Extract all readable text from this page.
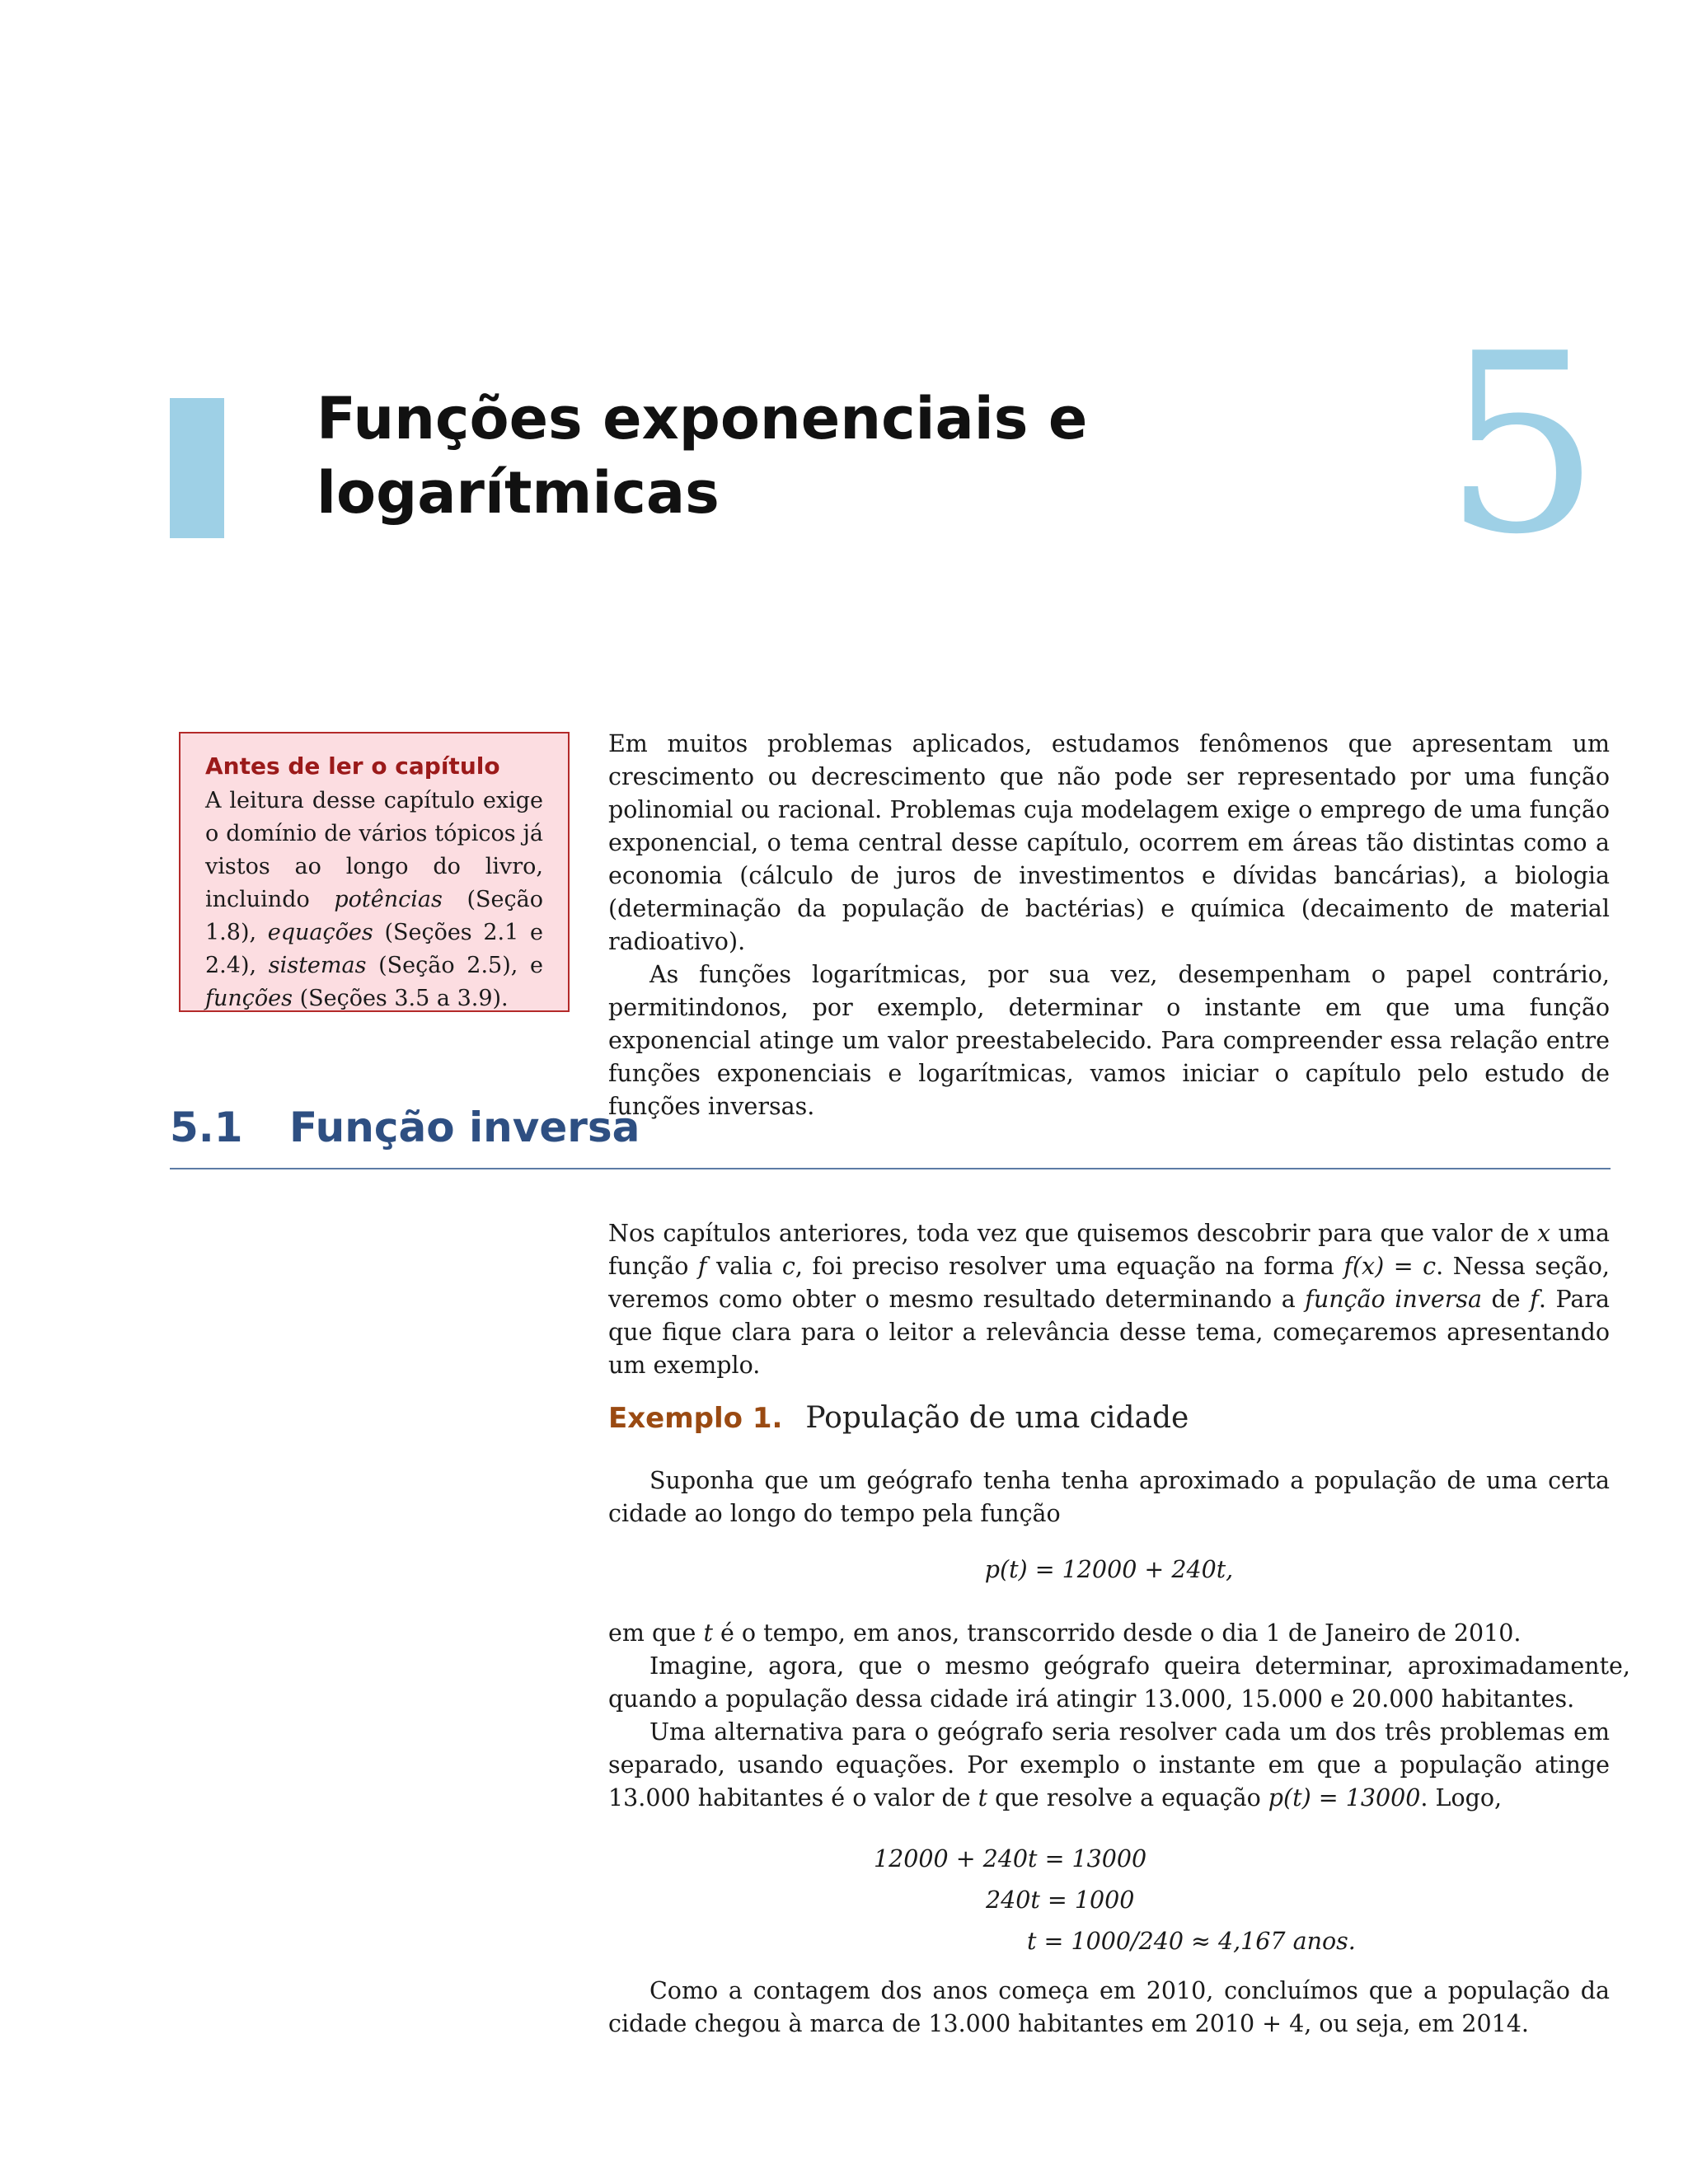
Funções exponenciais e
logarítmicas	5
Antes de ler o capítulo
A leitura desse capítulo exige o domínio de vários tópicos já vistos ao longo do livro, incluindo potências (Seção 1.8), equações (Seções 2.1 e 2.4), sistemas (Seção 2.5), e funções (Seções 3.5 a 3.9).

Em muitos problemas aplicados, estudamos fenômenos que apresentam um crescimento ou decrescimento que não pode ser representado por uma função polinomial ou racional. Problemas cuja modelagem exige o emprego de uma função exponencial, o tema central desse capítulo, ocorrem em áreas tão distintas como a economia (cálculo de juros de investimentos e dívidas bancárias), a biologia (determinação da população de bactérias) e química (decaimento de material radioativo).

As funções logarítmicas, por sua vez, desempenham o papel contrário, permitindonos, por exemplo, determinar o instante em que uma função exponencial atinge um valor preestabelecido. Para compreender essa relação entre funções exponenciais e logarítmicas, vamos iniciar o capítulo pelo estudo de funções inversas.

5.1 Função inversa

Nos capítulos anteriores, toda vez que quisemos descobrir para que valor de x uma função f valia c, foi preciso resolver uma equação na forma f(x) = c. Nessa seção, veremos como obter o mesmo resultado determinando a função inversa de f. Para que fique clara para o leitor a relevância desse tema, começaremos apresentando um exemplo.

Exemplo 1. População de uma cidade

Suponha que um geógrafo tenha tenha aproximado a população de uma certa cidade ao longo do tempo pela função

p(t) = 12000 + 240t,

em que t é o tempo, em anos, transcorrido desde o dia 1 de Janeiro de 2010.

Imagine, agora, que o mesmo geógrafo queira determinar, aproximadamente, quando a população dessa cidade irá atingir 13.000, 15.000 e 20.000 habitantes.

Uma alternativa para o geógrafo seria resolver cada um dos três problemas em separado, usando equações. Por exemplo o instante em que a população atinge 13.000 habitantes é o valor de t que resolve a equação p(t) = 13000. Logo,

12000 + 240t = 13000
240t = 1000
t = 1000/240 ≈ 4,167 anos.

Como a contagem dos anos começa em 2010, concluímos que a população da cidade chegou à marca de 13.000 habitantes em 2010 + 4, ou seja, em 2014.
